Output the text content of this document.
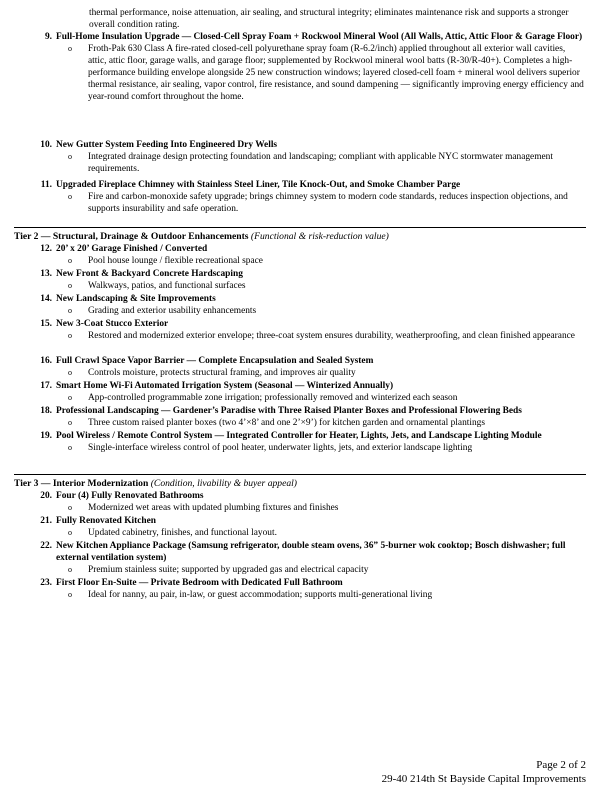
thermal performance, noise attenuation, air sealing, and structural integrity; eliminates maintenance risk and supports a stronger overall condition rating.
9. Full-Home Insulation Upgrade — Closed-Cell Spray Foam + Rockwool Mineral Wool (All Walls, Attic, Attic Floor & Garage Floor)
o	Froth-Pak 630 Class A fire-rated closed-cell polyurethane spray foam (R-6.2/inch) applied throughout all exterior wall cavities, attic, attic floor, garage walls, and garage floor; supplemented by Rockwool mineral wool batts (R-30/R-40+). Completes a high-performance building envelope alongside 25 new construction windows; layered closed-cell foam + mineral wool delivers superior thermal resistance, air sealing, vapor control, fire resistance, and sound dampening — significantly improving energy efficiency and year-round comfort throughout the home.
10. New Gutter System Feeding Into Engineered Dry Wells
o	Integrated drainage design protecting foundation and landscaping; compliant with applicable NYC stormwater management requirements.
11. Upgraded Fireplace Chimney with Stainless Steel Liner, Tile Knock-Out, and Smoke Chamber Parge
o	Fire and carbon-monoxide safety upgrade; brings chimney system to modern code standards, reduces inspection objections, and supports insurability and safe operation.
Tier 2 — Structural, Drainage & Outdoor Enhancements (Functional & risk-reduction value)
12. 20’ x 20’ Garage Finished / Converted
o	Pool house lounge / flexible recreational space
13. New Front & Backyard Concrete Hardscaping
o	Walkways, patios, and functional surfaces
14. New Landscaping & Site Improvements
o	Grading and exterior usability enhancements
15. New 3-Coat Stucco Exterior
o	Restored and modernized exterior envelope; three-coat system ensures durability, weatherproofing, and clean finished appearance
16. Full Crawl Space Vapor Barrier — Complete Encapsulation and Sealed System
o	Controls moisture, protects structural framing, and improves air quality
17. Smart Home Wi-Fi Automated Irrigation System (Seasonal — Winterized Annually)
o	App-controlled programmable zone irrigation; professionally removed and winterized each season
18. Professional Landscaping — Gardener’s Paradise with Three Raised Planter Boxes and Professional Flowering Beds
o	Three custom raised planter boxes (two 4’×8’ and one 2’×9’) for kitchen garden and ornamental plantings
19. Pool Wireless / Remote Control System — Integrated Controller for Heater, Lights, Jets, and Landscape Lighting Module
o	Single-interface wireless control of pool heater, underwater lights, jets, and exterior landscape lighting
Tier 3 — Interior Modernization (Condition, livability & buyer appeal)
20. Four (4) Fully Renovated Bathrooms
o	Modernized wet areas with updated plumbing fixtures and finishes
21. Fully Renovated Kitchen
o	Updated cabinetry, finishes, and functional layout.
22. New Kitchen Appliance Package (Samsung refrigerator, double steam ovens, 36” 5-burner wok cooktop; Bosch dishwasher; full external ventilation system)
o	Premium stainless suite; supported by upgraded gas and electrical capacity
23. First Floor En-Suite — Private Bedroom with Dedicated Full Bathroom
o	Ideal for nanny, au pair, in-law, or guest accommodation; supports multi-generational living
Page 2 of 2
29-40 214th St Bayside Capital Improvements
